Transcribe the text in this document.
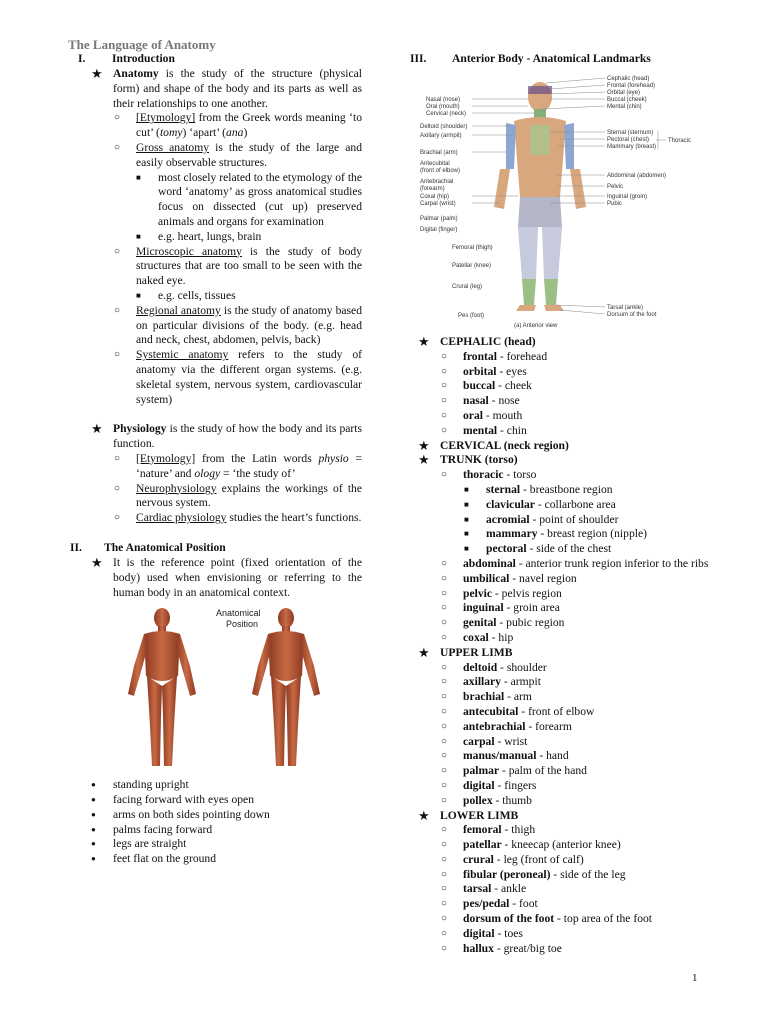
The Language of Anatomy
I. Introduction
★ Anatomy is the study of the structure (physical form) and shape of the body and its parts as well as their relationships to one another.
○ [Etymology] from the Greek words meaning ‘to cut’ (tomy) ‘apart’ (ana)
○ Gross anatomy is the study of the large and easily observable structures.
■ most closely related to the etymology of the word ‘anatomy’ as gross anatomical studies focus on dissected (cut up) preserved animals and organs for examination
■ e.g. heart, lungs, brain
○ Microscopic anatomy is the study of body structures that are too small to be seen with the naked eye.
■ e.g. cells, tissues
○ Regional anatomy is the study of anatomy based on particular divisions of the body. (e.g. head and neck, chest, abdomen, pelvis, back)
○ Systemic anatomy refers to the study of anatomy via the different organ systems. (e.g. skeletal system, nervous system, cardiovascular system)
★ Physiology is the study of how the body and its parts function.
○ [Etymology] from the Latin words physio = ‘nature’ and ology = ‘the study of’
○ Neurophysiology explains the workings of the nervous system.
○ Cardiac physiology studies the heart’s functions.
II. The Anatomical Position
★ It is the reference point (fixed orientation of the body) used when envisioning or referring to the human body in an anatomical context.
Anatomical
Position
● standing upright
● facing forward with eyes open
● arms on both sides pointing down
● palms facing forward
● legs are straight
● feet flat on the ground
III. Anterior Body - Anatomical Landmarks
Nasal (nose)
Oral (mouth)
Cervical (neck)
Deltoid (shoulder)
Axillary (armpit)
Brachial (arm)
Antecubital
(front of elbow)
Antebrachial
(forearm)
Coxal (hip)
Carpal (wrist)
Palmar (palm)
Digital (finger)
Femoral (thigh)
Patellar (knee)
Crural (leg)
Pes (foot)
Cephalic (head)
Frontal (forehead)
Orbital (eye)
Buccal (cheek)
Mental (chin)
Sternal (sternum)
Pectoral (chest)
Mammary (breast)
Abdominal (abdomen)
Pelvic
Inguinal (groin)
Pubic
Tarsal (ankle)
Dorsum of the foot
Thoracic
(a) Anterior view
★ CEPHALIC (head)
○ frontal - forehead
○ orbital - eyes
○ buccal - cheek
○ nasal - nose
○ oral - mouth
○ mental - chin
★ CERVICAL (neck region)
★ TRUNK (torso)
○ thoracic - torso
■ sternal - breastbone region
■ clavicular - collarbone area
■ acromial - point of shoulder
■ mammary - breast region (nipple)
■ pectoral - side of the chest
○ abdominal - anterior trunk region inferior to the ribs
○ umbilical - navel region
○ pelvic - pelvis region
○ inguinal - groin area
○ genital - pubic region
○ coxal - hip
★ UPPER LIMB
○ deltoid - shoulder
○ axillary - armpit
○ brachial - arm
○ antecubital - front of elbow
○ antebrachial - forearm
○ carpal - wrist
○ manus/manual - hand
○ palmar - palm of the hand
○ digital - fingers
○ pollex - thumb
★ LOWER LIMB
○ femoral - thigh
○ patellar - kneecap (anterior knee)
○ crural - leg (front of calf)
○ fibular (peroneal) - side of the leg
○ tarsal - ankle
○ pes/pedal - foot
○ dorsum of the foot - top area of the foot
○ digital - toes
○ hallux - great/big toe
1
